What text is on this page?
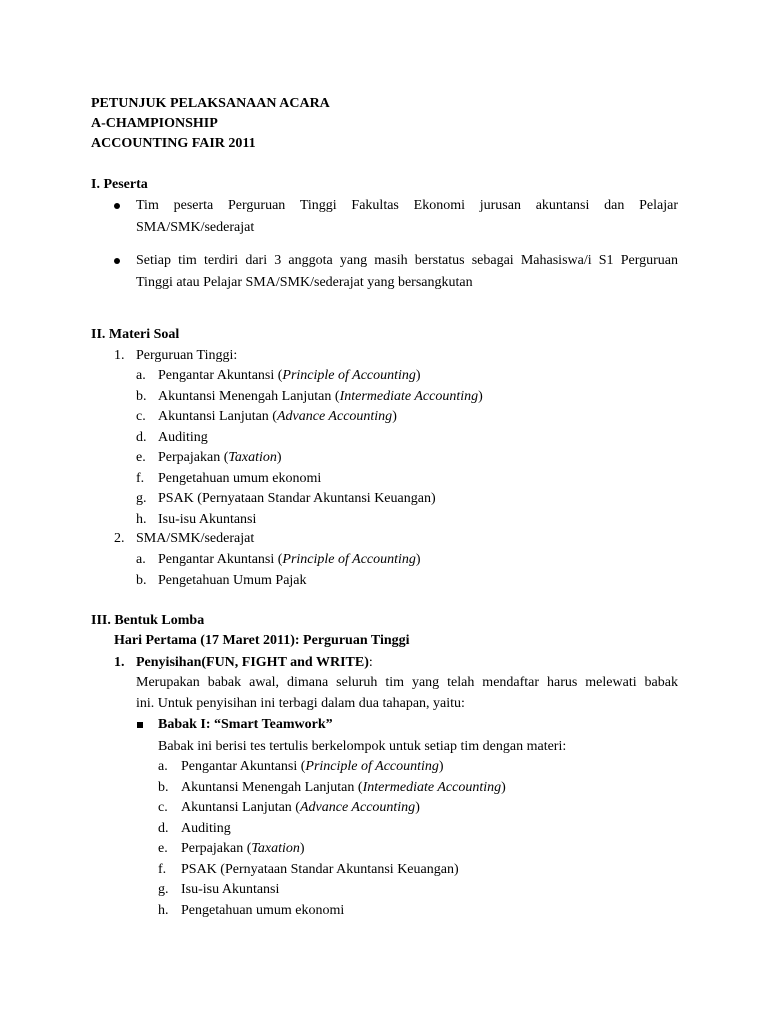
PETUNJUK PELAKSANAAN ACARA
A-CHAMPIONSHIP
ACCOUNTING FAIR 2011
I. Peserta
Tim peserta Perguruan Tinggi Fakultas Ekonomi jurusan akuntansi dan Pelajar
SMA/SMK/sederajat
Setiap tim terdiri dari 3 anggota yang masih berstatus sebagai Mahasiswa/i S1 Perguruan
Tinggi atau Pelajar SMA/SMK/sederajat yang bersangkutan
II. Materi Soal
1. Perguruan Tinggi:
a. Pengantar Akuntansi (Principle of Accounting)
b. Akuntansi Menengah Lanjutan (Intermediate Accounting)
c. Akuntansi Lanjutan (Advance Accounting)
d. Auditing
e. Perpajakan (Taxation)
f. Pengetahuan umum ekonomi
g. PSAK (Pernyataan Standar Akuntansi Keuangan)
h. Isu-isu Akuntansi
2. SMA/SMK/sederajat
a. Pengantar Akuntansi (Principle of Accounting)
b. Pengetahuan Umum Pajak
III. Bentuk Lomba
Hari Pertama (17 Maret 2011): Perguruan Tinggi
1. Penyisihan(FUN, FIGHT and WRITE):
Merupakan babak awal, dimana seluruh tim yang telah mendaftar harus melewati babak
ini. Untuk penyisihan ini terbagi dalam dua tahapan, yaitu:
Babak I: “Smart Teamwork”
Babak ini berisi tes tertulis berkelompok untuk setiap tim dengan materi:
a. Pengantar Akuntansi (Principle of Accounting)
b. Akuntansi Menengah Lanjutan (Intermediate Accounting)
c. Akuntansi Lanjutan (Advance Accounting)
d. Auditing
e. Perpajakan (Taxation)
f. PSAK (Pernyataan Standar Akuntansi Keuangan)
g. Isu-isu Akuntansi
h. Pengetahuan umum ekonomi
